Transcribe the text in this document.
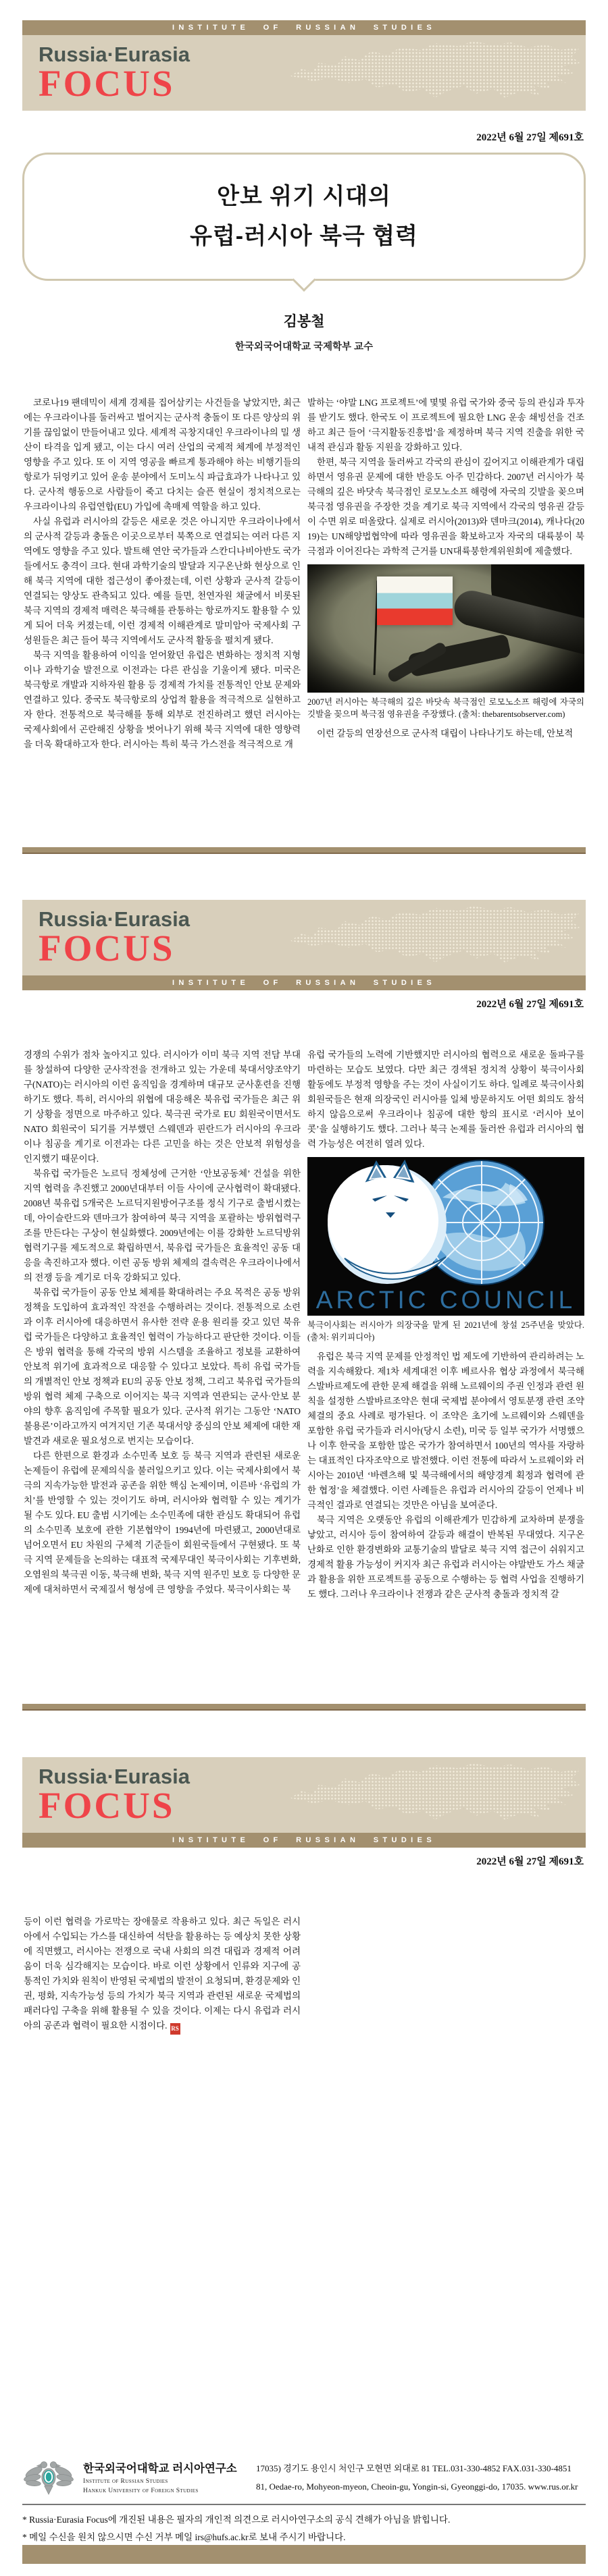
INSTITUTE OF RUSSIAN STUDIES
Russia·Eurasia
FOCUS
2022년 6월 27일 제691호
안보 위기 시대의
유럽-러시아 북극 협력
김봉철
한국외국어대학교 국제학부 교수

코로나19 팬데믹이 세계 경제를 집어삼키는 사건들을 낳았지만, 최근에는 우크라이나를 둘러싸고 벌어지는 군사적 충돌이 또 다른 양상의 위기를 끊임없이 만들어내고 있다. 세계적 곡창지대인 우크라이나의 밀 생산이 타격을 입게 됐고, 이는 다시 여러 산업의 국제적 체계에 부정적인 영향을 주고 있다. 또 이 지역 영공을 빠르게 통과해야 하는 비행기들의 항로가 뒤엉키고 있어 운송 분야에서 도미노식 파급효과가 나타나고 있다. 군사적 행동으로 사람들이 죽고 다치는 슬픈 현실이 정치적으로는 우크라이나의 유럽연합(EU) 가입에 촉매제 역할을 하고 있다.

사실 유럽과 러시아의 갈등은 새로운 것은 아니지만 우크라이나에서의 군사적 갈등과 충돌은 이곳으로부터 북쪽으로 연결되는 여러 다른 지역에도 영향을 주고 있다. 발트해 연안 국가들과 스칸디나비아반도 국가들에서도 충격이 크다. 현대 과학기술의 발달과 지구온난화 현상으로 인해 북극 지역에 대한 접근성이 좋아졌는데, 이런 상황과 군사적 갈등이 연결되는 양상도 관측되고 있다. 예를 들면, 천연자원 채굴에서 비롯된 북극 지역의 경제적 매력은 북극해를 관통하는 항로까지도 활용할 수 있게 되어 더욱 커졌는데, 이런 경제적 이해관계로 말미암아 국제사회 구성원들은 최근 들어 북극 지역에서도 군사적 활동을 펼치게 됐다.

북극 지역을 활용하여 이익을 얻어왔던 유럽은 변화하는 정치적 지형이나 과학기술 발전으로 이전과는 다른 관심을 기울이게 됐다. 미국은 북극항로 개발과 지하자원 활용 등 경제적 가치를 전통적인 안보 문제와 연결하고 있다. 중국도 북극항로의 상업적 활용을 적극적으로 실현하고자 한다. 전통적으로 북극해를 통해 외부로 전진하려고 했던 러시아는 국제사회에서 곤란해진 상황을 벗어나기 위해 북극 지역에 대한 영향력을 더욱 확대하고자 한다. 러시아는 특히 북극 가스전을 적극적으로 개

발하는 ‘야말 LNG 프로젝트’에 몇몇 유럽 국가와 중국 등의 관심과 투자를 받기도 했다. 한국도 이 프로젝트에 필요한 LNG 운송 쇄빙선을 건조하고 최근 들어 ‘극지활동진흥법’을 제정하며 북극 지역 진출을 위한 국내적 관심과 활동 지원을 강화하고 있다.

한편, 북극 지역을 둘러싸고 각국의 관심이 깊어지고 이해관계가 대립하면서 영유권 문제에 대한 반응도 아주 민감하다. 2007년 러시아가 북극해의 깊은 바닷속 북극점인 로모노소프 해령에 자국의 깃발을 꽂으며 북극점 영유권을 주장한 것을 계기로 북극 지역에서 각국의 영유권 갈등이 수면 위로 떠올랐다. 실제로 러시아(2013)와 덴마크(2014), 캐나다(2019)는 UN해양법협약에 따라 영유권을 확보하고자 자국의 대륙붕이 북극점과 이어진다는 과학적 근거를 UN대륙붕한계위원회에 제출했다.

2007년 러시아는 북극해의 깊은 바닷속 북극점인 로모노소프 해령에 자국의 깃발을 꽂으며 북극점 영유권을 주장했다. (출처: thebarentsobserver.com)

이런 갈등의 연장선으로 군사적 대립이 나타나기도 하는데, 안보적

Russia·Eurasia
FOCUS
INSTITUTE OF RUSSIAN STUDIES
2022년 6월 27일 제691호

경쟁의 수위가 점차 높아지고 있다. 러시아가 이미 북극 지역 전담 부대를 창설하여 다양한 군사작전을 전개하고 있는 가운데 북대서양조약기구(NATO)는 러시아의 이런 움직임을 경계하며 대규모 군사훈련을 진행하기도 했다. 특히, 러시아의 위협에 대응해온 북유럽 국가들은 최근 위기 상황을 정면으로 마주하고 있다. 북극권 국가로 EU 회원국이면서도 NATO 회원국이 되기를 거부했던 스웨덴과 핀란드가 러시아의 우크라이나 침공을 계기로 이전과는 다른 고민을 하는 것은 안보적 위험성을 인지했기 때문이다.

북유럽 국가들은 노르딕 정체성에 근거한 ‘안보공동체’ 건설을 위한 지역 협력을 추진했고 2000년대부터 이들 사이에 군사협력이 확대됐다. 2008년 북유럽 5개국은 노르딕지원방어구조를 정식 기구로 출범시켰는데, 아이슬란드와 덴마크가 참여하여 북극 지역을 포괄하는 방위협력구조를 만든다는 구상이 현실화했다. 2009년에는 이를 강화한 노르딕방위협력기구를 제도적으로 확립하면서, 북유럽 국가들은 효율적인 공동 대응을 촉진하고자 했다. 이런 공동 방위 체제의 결속력은 우크라이나에서의 전쟁 등을 계기로 더욱 강화되고 있다.

북유럽 국가들이 공동 안보 체제를 확대하려는 주요 목적은 공동 방위 정책을 도입하여 효과적인 작전을 수행하려는 것이다. 전통적으로 소련과 이후 러시아에 대응하면서 유사한 전략 운용 원리를 갖고 있던 북유럽 국가들은 다양하고 효율적인 협력이 가능하다고 판단한 것이다. 이들은 방위 협력을 통해 각국의 방위 시스템을 조율하고 정보를 교환하여 안보적 위기에 효과적으로 대응할 수 있다고 보았다. 특히 유럽 국가들의 개별적인 안보 정책과 EU의 공동 안보 정책, 그리고 북유럽 국가들의 방위 협력 체제 구축으로 이어지는 북극 지역과 연관되는 군사·안보 분야의 향후 움직임에 주목할 필요가 있다. 군사적 위기는 그동안 ‘NATO 불용론’이라고까지 여겨지던 기존 북대서양 중심의 안보 체제에 대한 재발견과 새로운 필요성으로 번지는 모습이다.

다른 한편으로 환경과 소수민족 보호 등 북극 지역과 관련된 새로운 논제들이 유럽에 문제의식을 불러일으키고 있다. 이는 국제사회에서 북극의 지속가능한 발전과 공존을 위한 핵심 논제이며, 이른바 ‘유럽의 가치’를 반영할 수 있는 것이기도 하며, 러시아와 협력할 수 있는 계기가 될 수도 있다. EU 출범 시기에는 소수민족에 대한 관심도 확대되어 유럽의 소수민족 보호에 관한 기본협약이 1994년에 마련됐고, 2000년대로 넘어오면서 EU 차원의 구체적 기준들이 회원국들에서 구현됐다. 또 북극 지역 문제들을 논의하는 대표적 국제무대인 북극이사회는 기후변화, 오염원의 북극권 이동, 북극해 변화, 북극 지역 원주민 보호 등 다양한 문제에 대처하면서 국제질서 형성에 큰 영향을 주었다. 북극이사회는 북

유럽 국가들의 노력에 기반했지만 러시아의 협력으로 새로운 돌파구를 마련하는 모습도 보였다. 다만 최근 경색된 정치적 상황이 북극이사회 활동에도 부정적 영향을 주는 것이 사실이기도 하다. 일례로 북극이사회 회원국들은 현재 의장국인 러시아를 일체 방문하지도 어떤 회의도 참석하지 않음으로써 우크라이나 침공에 대한 항의 표시로 ‘러시아 보이콧’을 실행하기도 했다. 그러나 북극 논제를 둘러싼 유럽과 러시아의 협력 가능성은 여전히 열려 있다.

ARCTIC COUNCIL
북극이사회는 러시아가 의장국을 맡게 된 2021년에 창설 25주년을 맞았다. (출처: 위키피디아)

유럽은 북극 지역 문제를 안정적인 법 제도에 기반하여 관리하려는 노력을 지속해왔다. 제1차 세계대전 이후 베르사유 협상 과정에서 북극해 스발바르제도에 관한 문제 해결을 위해 노르웨이의 주권 인정과 관련 원칙을 설정한 스발바르조약은 현대 국제법 분야에서 영토분쟁 관련 조약 체결의 중요 사례로 평가된다. 이 조약은 초기에 노르웨이와 스웨덴을 포함한 유럽 국가들과 러시아(당시 소련), 미국 등 일부 국가가 서명했으나 이후 한국을 포함한 많은 국가가 참여하면서 100년의 역사를 자랑하는 대표적인 다자조약으로 발전했다. 이런 전통에 따라서 노르웨이와 러시아는 2010년 ‘바렌츠해 및 북극해에서의 해양경계 획정과 협력에 관한 협정’을 체결했다. 이런 사례들은 유럽과 러시아의 갈등이 언제나 비극적인 결과로 연결되는 것만은 아님을 보여준다.

북극 지역은 오랫동안 유럽의 이해관계가 민감하게 교차하며 분쟁을 낳았고, 러시아 등이 참여하여 갈등과 해결이 반복된 무대였다. 지구온난화로 인한 환경변화와 교통기술의 발달로 북극 지역 접근이 쉬워지고 경제적 활용 가능성이 커지자 최근 유럽과 러시아는 야말반도 가스 채굴과 활용을 위한 프로젝트를 공동으로 수행하는 등 협력 사업을 진행하기도 했다. 그러나 우크라이나 전쟁과 같은 군사적 충돌과 정치적 갈

Russia·Eurasia
FOCUS
INSTITUTE OF RUSSIAN STUDIES
2022년 6월 27일 제691호

등이 이런 협력을 가로막는 장애물로 작용하고 있다. 최근 독일은 러시아에서 수입되는 가스를 대신하여 석탄을 활용하는 등 예상치 못한 상황에 직면했고, 러시아는 전쟁으로 국내 사회의 의견 대립과 경제적 어려움이 더욱 심각해지는 모습이다. 바로 이런 상황에서 인류와 지구에 공통적인 가치와 원칙이 반영된 국제법의 발전이 요청되며, 환경문제와 인권, 평화, 지속가능성 등의 가치가 북극 지역과 관련된 새로운 국제법의 패러다임 구축을 위해 활용될 수 있을 것이다. 이제는 다시 유럽과 러시아의 공존과 협력이 필요한 시점이다. RS

한국외국어대학교 러시아연구소
Institute of Russian Studies
Hankuk University of Foreign Studies
17035) 경기도 용인시 처인구 모현면 외대로 81 TEL.031-330-4852 FAX.031-330-4851
81, Oedae-ro, Mohyeon-myeon, Cheoin-gu, Yongin-si, Gyeonggi-do, 17035. www.rus.or.kr
* Russia·Eurasia Focus에 개진된 내용은 필자의 개인적 의견으로 러시아연구소의 공식 견해가 아님을 밝힙니다.
* 메일 수신을 원치 않으시면 수신 거부 메일 irs@hufs.ac.kr로 보내 주시기 바랍니다.
